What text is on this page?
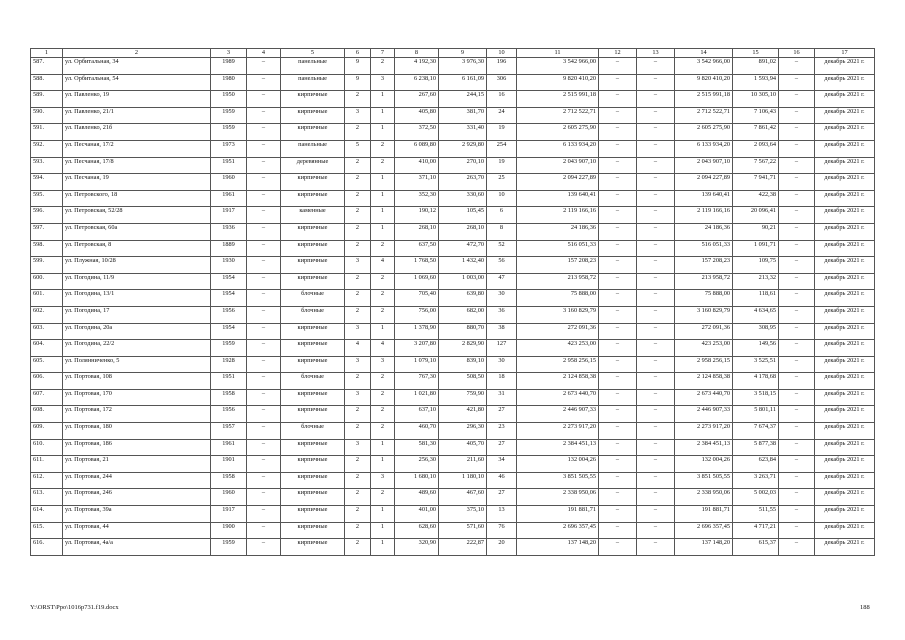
1	2	3	4	5	6	7	8	9	10	11	12	13	14	15	16	17
587.	ул. Орбитальная, 34	1989	–	панельные	9	2	4 192,30	3 976,30	196	3 542 966,00	–	–	3 542 966,00	891,02	–	декабрь 2021 г.
588.	ул. Орбитальная, 54	1980	–	панельные	9	3	6 238,10	6 161,09	306	9 820 410,20	–	–	9 820 410,20	1 593,94	–	декабрь 2021 г.
589.	ул. Павленко, 19	1950	–	кирпичные	2	1	267,60	244,15	16	2 515 991,18	–	–	2 515 991,18	10 305,10	–	декабрь 2021 г.
590.	ул. Павленко, 21/1	1959	–	кирпичные	3	1	405,80	381,70	24	2 712 522,71	–	–	2 712 522,71	7 106,43	–	декабрь 2021 г.
591.	ул. Павленко, 21б	1959	–	кирпичные	2	1	372,50	331,40	19	2 605 275,90	–	–	2 605 275,90	7 861,42	–	декабрь 2021 г.
592.	ул. Песчаная, 17/2	1973	–	панельные	5	2	6 089,80	2 929,80	254	6 133 934,20	–	–	6 133 934,20	2 093,64	–	декабрь 2021 г.
593.	ул. Песчаная, 17/8	1951	–	деревянные	2	2	410,00	270,10	19	2 043 907,10	–	–	2 043 907,10	7 567,22	–	декабрь 2021 г.
594.	ул. Песчаная, 19	1960	–	кирпичные	2	1	371,10	263,70	25	2 094 227,89	–	–	2 094 227,89	7 941,71	–	декабрь 2021 г.
595.	ул. Петровского, 18	1961	–	кирпичные	2	1	352,30	330,60	10	139 640,41	–	–	139 640,41	422,38	–	декабрь 2021 г.
596.	ул. Петровская, 52/28	1917	–	каменные	2	1	190,12	105,45	6	2 119 166,16	–	–	2 119 166,16	20 096,41	–	декабрь 2021 г.
597.	ул. Петровская, 60а	1936	–	кирпичные	2	1	268,10	268,10	8	24 186,36	–	–	24 186,36	90,21	–	декабрь 2021 г.
598.	ул. Петровская, 8	1889	–	кирпичные	2	2	637,50	472,70	52	516 051,33	–	–	516 051,33	1 091,71	–	декабрь 2021 г.
599.	ул. Плужная, 10/28	1930	–	кирпичные	3	4	1 768,50	1 432,40	56	157 208,23	–	–	157 208,23	109,75	–	декабрь 2021 г.
600.	ул. Погодина, 11/9	1954	–	кирпичные	2	2	1 069,60	1 003,00	47	213 958,72	–	–	213 958,72	213,32	–	декабрь 2021 г.
601.	ул. Погодина, 13/1	1954	–	блочные	2	2	705,40	639,80	30	75 888,00	–	–	75 888,00	118,61	–	декабрь 2021 г.
602.	ул. Погодина, 17	1956	–	блочные	2	2	756,00	682,00	36	3 160 829,79	–	–	3 160 829,79	4 634,65	–	декабрь 2021 г.
603.	ул. Погодина, 20а	1954	–	кирпичные	3	1	1 378,90	880,70	38	272 091,36	–	–	272 091,36	308,95	–	декабрь 2021 г.
604.	ул. Погодина, 22/2	1959	–	кирпичные	4	4	3 207,80	2 829,90	127	423 253,00	–	–	423 253,00	149,56	–	декабрь 2021 г.
605.	ул. Полянниченко, 5	1928	–	кирпичные	3	3	1 079,10	839,10	30	2 958 256,15	–	–	2 958 256,15	3 525,51	–	декабрь 2021 г.
606.	ул. Портовая, 108	1951	–	блочные	2	2	767,30	508,50	18	2 124 858,38	–	–	2 124 858,38	4 178,68	–	декабрь 2021 г.
607.	ул. Портовая, 170	1958	–	кирпичные	3	2	1 021,80	759,90	31	2 673 440,70	–	–	2 673 440,70	3 518,15	–	декабрь 2021 г.
608.	ул. Портовая, 172	1956	–	кирпичные	2	2	637,10	421,80	27	2 446 907,33	–	–	2 446 907,33	5 801,11	–	декабрь 2021 г.
609.	ул. Портовая, 180	1957	–	блочные	2	2	460,70	296,30	23	2 273 917,20	–	–	2 273 917,20	7 674,37	–	декабрь 2021 г.
610.	ул. Портовая, 186	1961	–	кирпичные	3	1	581,30	405,70	27	2 384 451,13	–	–	2 384 451,13	5 877,38	–	декабрь 2021 г.
611.	ул. Портовая, 21	1901	–	кирпичные	2	1	256,30	211,60	34	132 004,26	–	–	132 004,26	623,84	–	декабрь 2021 г.
612.	ул. Портовая, 244	1958	–	кирпичные	2	3	1 680,10	1 180,10	46	3 851 505,55	–	–	3 851 505,55	3 263,71	–	декабрь 2021 г.
613.	ул. Портовая, 246	1960	–	кирпичные	2	2	489,60	467,60	27	2 338 950,06	–	–	2 338 950,06	5 002,03	–	декабрь 2021 г.
614.	ул. Портовая, 39а	1917	–	кирпичные	2	1	401,00	375,10	13	191 881,71	–	–	191 881,71	511,55	–	декабрь 2021 г.
615.	ул. Портовая, 44	1900	–	кирпичные	2	1	628,60	571,60	76	2 696 357,45	–	–	2 696 357,45	4 717,21	–	декабрь 2021 г.
616.	ул. Портовая, 4а/а	1959	–	кирпичные	2	1	320,90	222,87	20	137 148,20	–	–	137 148,20	615,37	–	декабрь 2021 г.
Y:\ORST\Ppo\1016p731.f19.docx	188
